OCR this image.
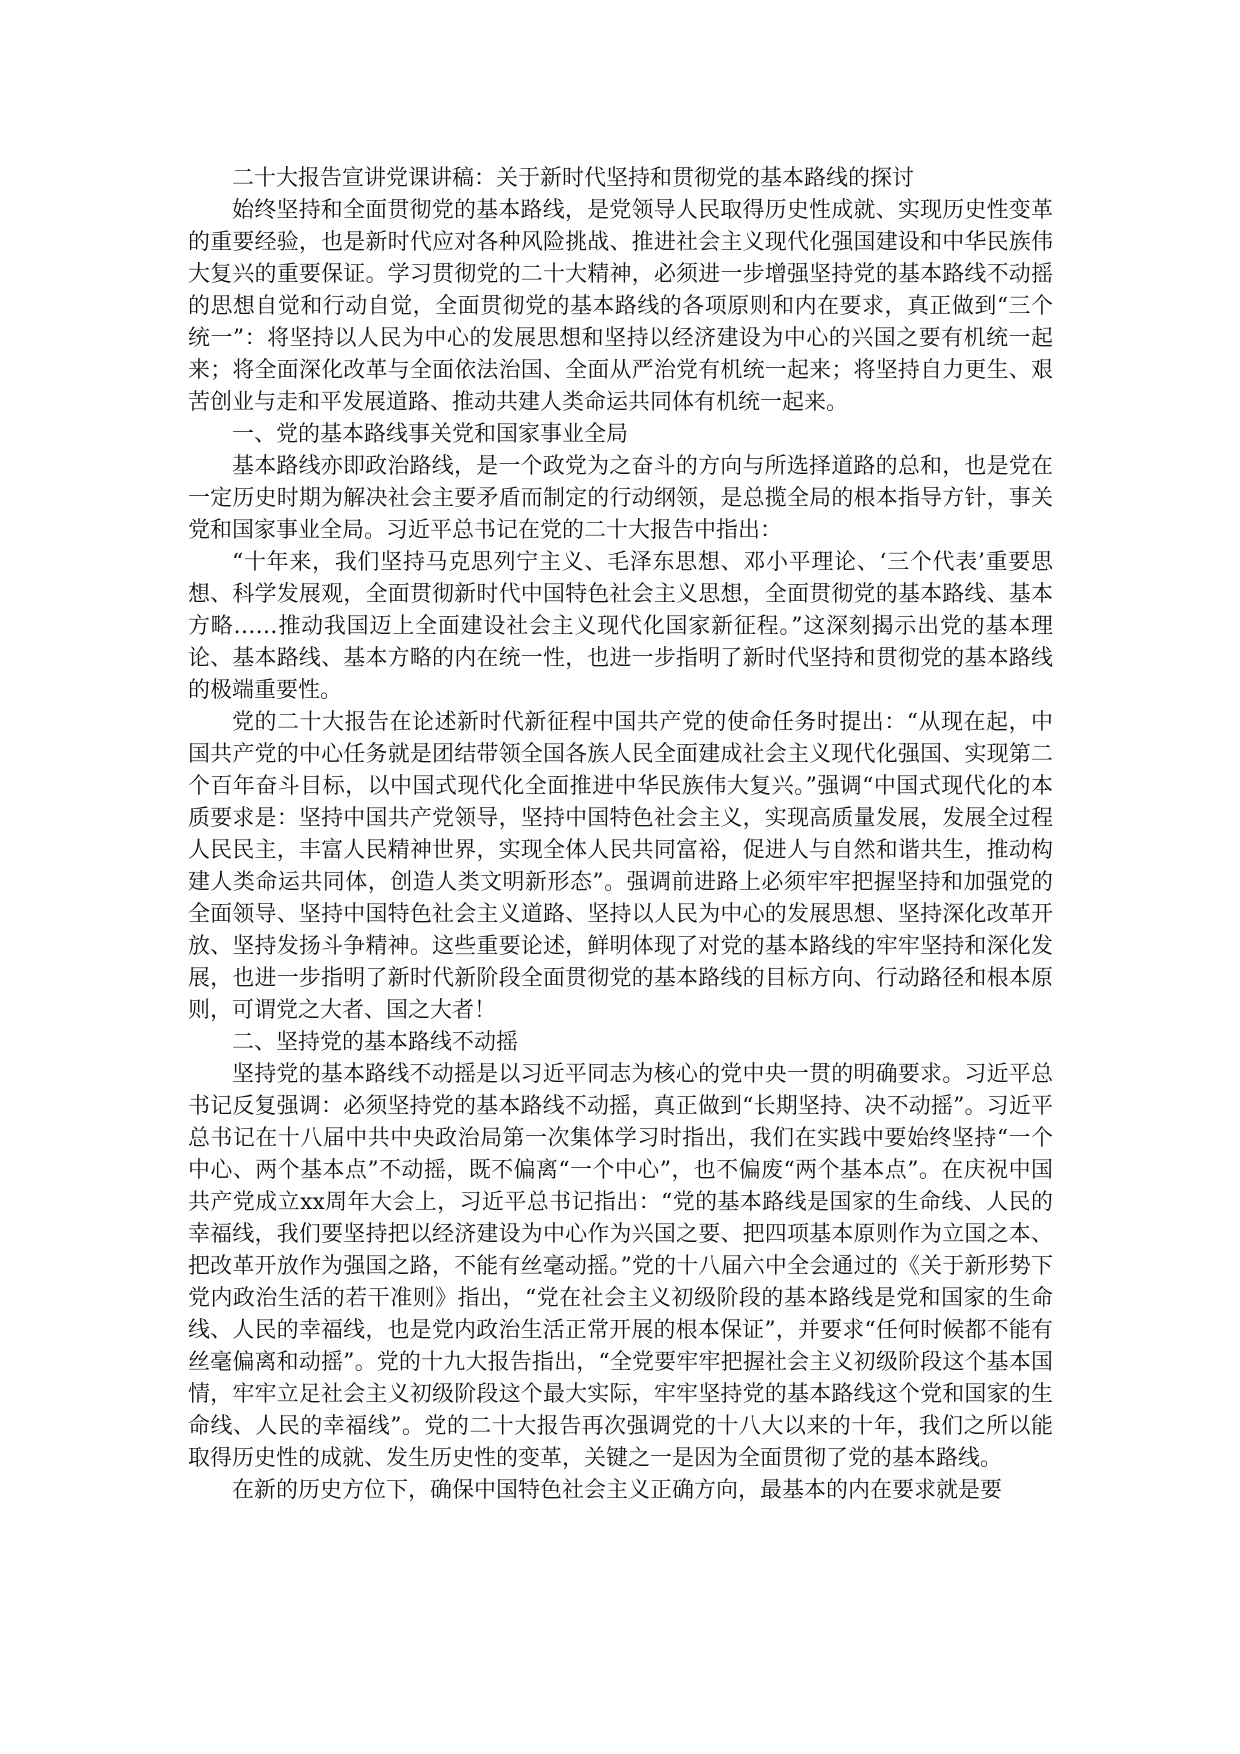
二十大报告宣讲党课讲稿：关于新时代坚持和贯彻党的基本路线的探讨

始终坚持和全面贯彻党的基本路线，是党领导人民取得历史性成就、实现历史性变革的重要经验，也是新时代应对各种风险挑战、推进社会主义现代化强国建设和中华民族伟大复兴的重要保证。学习贯彻党的二十大精神，必须进一步增强坚持党的基本路线不动摇的思想自觉和行动自觉，全面贯彻党的基本路线的各项原则和内在要求，真正做到“三个统一”：将坚持以人民为中心的发展思想和坚持以经济建设为中心的兴国之要有机统一起来；将全面深化改革与全面依法治国、全面从严治党有机统一起来；将坚持自力更生、艰苦创业与走和平发展道路、推动共建人类命运共同体有机统一起来。

一、党的基本路线事关党和国家事业全局

基本路线亦即政治路线，是一个政党为之奋斗的方向与所选择道路的总和，也是党在一定历史时期为解决社会主要矛盾而制定的行动纲领，是总揽全局的根本指导方针，事关党和国家事业全局。习近平总书记在党的二十大报告中指出：

“十年来，我们坚持马克思列宁主义、毛泽东思想、邓小平理论、‘三个代表’重要思想、科学发展观，全面贯彻新时代中国特色社会主义思想，全面贯彻党的基本路线、基本方略……推动我国迈上全面建设社会主义现代化国家新征程。”这深刻揭示出党的基本理论、基本路线、基本方略的内在统一性，也进一步指明了新时代坚持和贯彻党的基本路线的极端重要性。

党的二十大报告在论述新时代新征程中国共产党的使命任务时提出：“从现在起，中国共产党的中心任务就是团结带领全国各族人民全面建成社会主义现代化强国、实现第二个百年奋斗目标，以中国式现代化全面推进中华民族伟大复兴。”强调“中国式现代化的本质要求是：坚持中国共产党领导，坚持中国特色社会主义，实现高质量发展，发展全过程人民民主，丰富人民精神世界，实现全体人民共同富裕，促进人与自然和谐共生，推动构建人类命运共同体，创造人类文明新形态”。强调前进路上必须牢牢把握坚持和加强党的全面领导、坚持中国特色社会主义道路、坚持以人民为中心的发展思想、坚持深化改革开放、坚持发扬斗争精神。这些重要论述，鲜明体现了对党的基本路线的牢牢坚持和深化发展，也进一步指明了新时代新阶段全面贯彻党的基本路线的目标方向、行动路径和根本原则，可谓党之大者、国之大者！

二、坚持党的基本路线不动摇

坚持党的基本路线不动摇是以习近平同志为核心的党中央一贯的明确要求。习近平总书记反复强调：必须坚持党的基本路线不动摇，真正做到“长期坚持、决不动摇”。习近平总书记在十八届中共中央政治局第一次集体学习时指出，我们在实践中要始终坚持“一个中心、两个基本点”不动摇，既不偏离“一个中心”，也不偏废“两个基本点”。在庆祝中国共产党成立xx周年大会上，习近平总书记指出：“党的基本路线是国家的生命线、人民的幸福线，我们要坚持把以经济建设为中心作为兴国之要、把四项基本原则作为立国之本、把改革开放作为强国之路，不能有丝毫动摇。”党的十八届六中全会通过的《关于新形势下党内政治生活的若干准则》指出，“党在社会主义初级阶段的基本路线是党和国家的生命线、人民的幸福线，也是党内政治生活正常开展的根本保证”，并要求“任何时候都不能有丝毫偏离和动摇”。党的十九大报告指出，“全党要牢牢把握社会主义初级阶段这个基本国情，牢牢立足社会主义初级阶段这个最大实际，牢牢坚持党的基本路线这个党和国家的生命线、人民的幸福线”。党的二十大报告再次强调党的十八大以来的十年，我们之所以能取得历史性的成就、发生历史性的变革，关键之一是因为全面贯彻了党的基本路线。

在新的历史方位下，确保中国特色社会主义正确方向，最基本的内在要求就是要
